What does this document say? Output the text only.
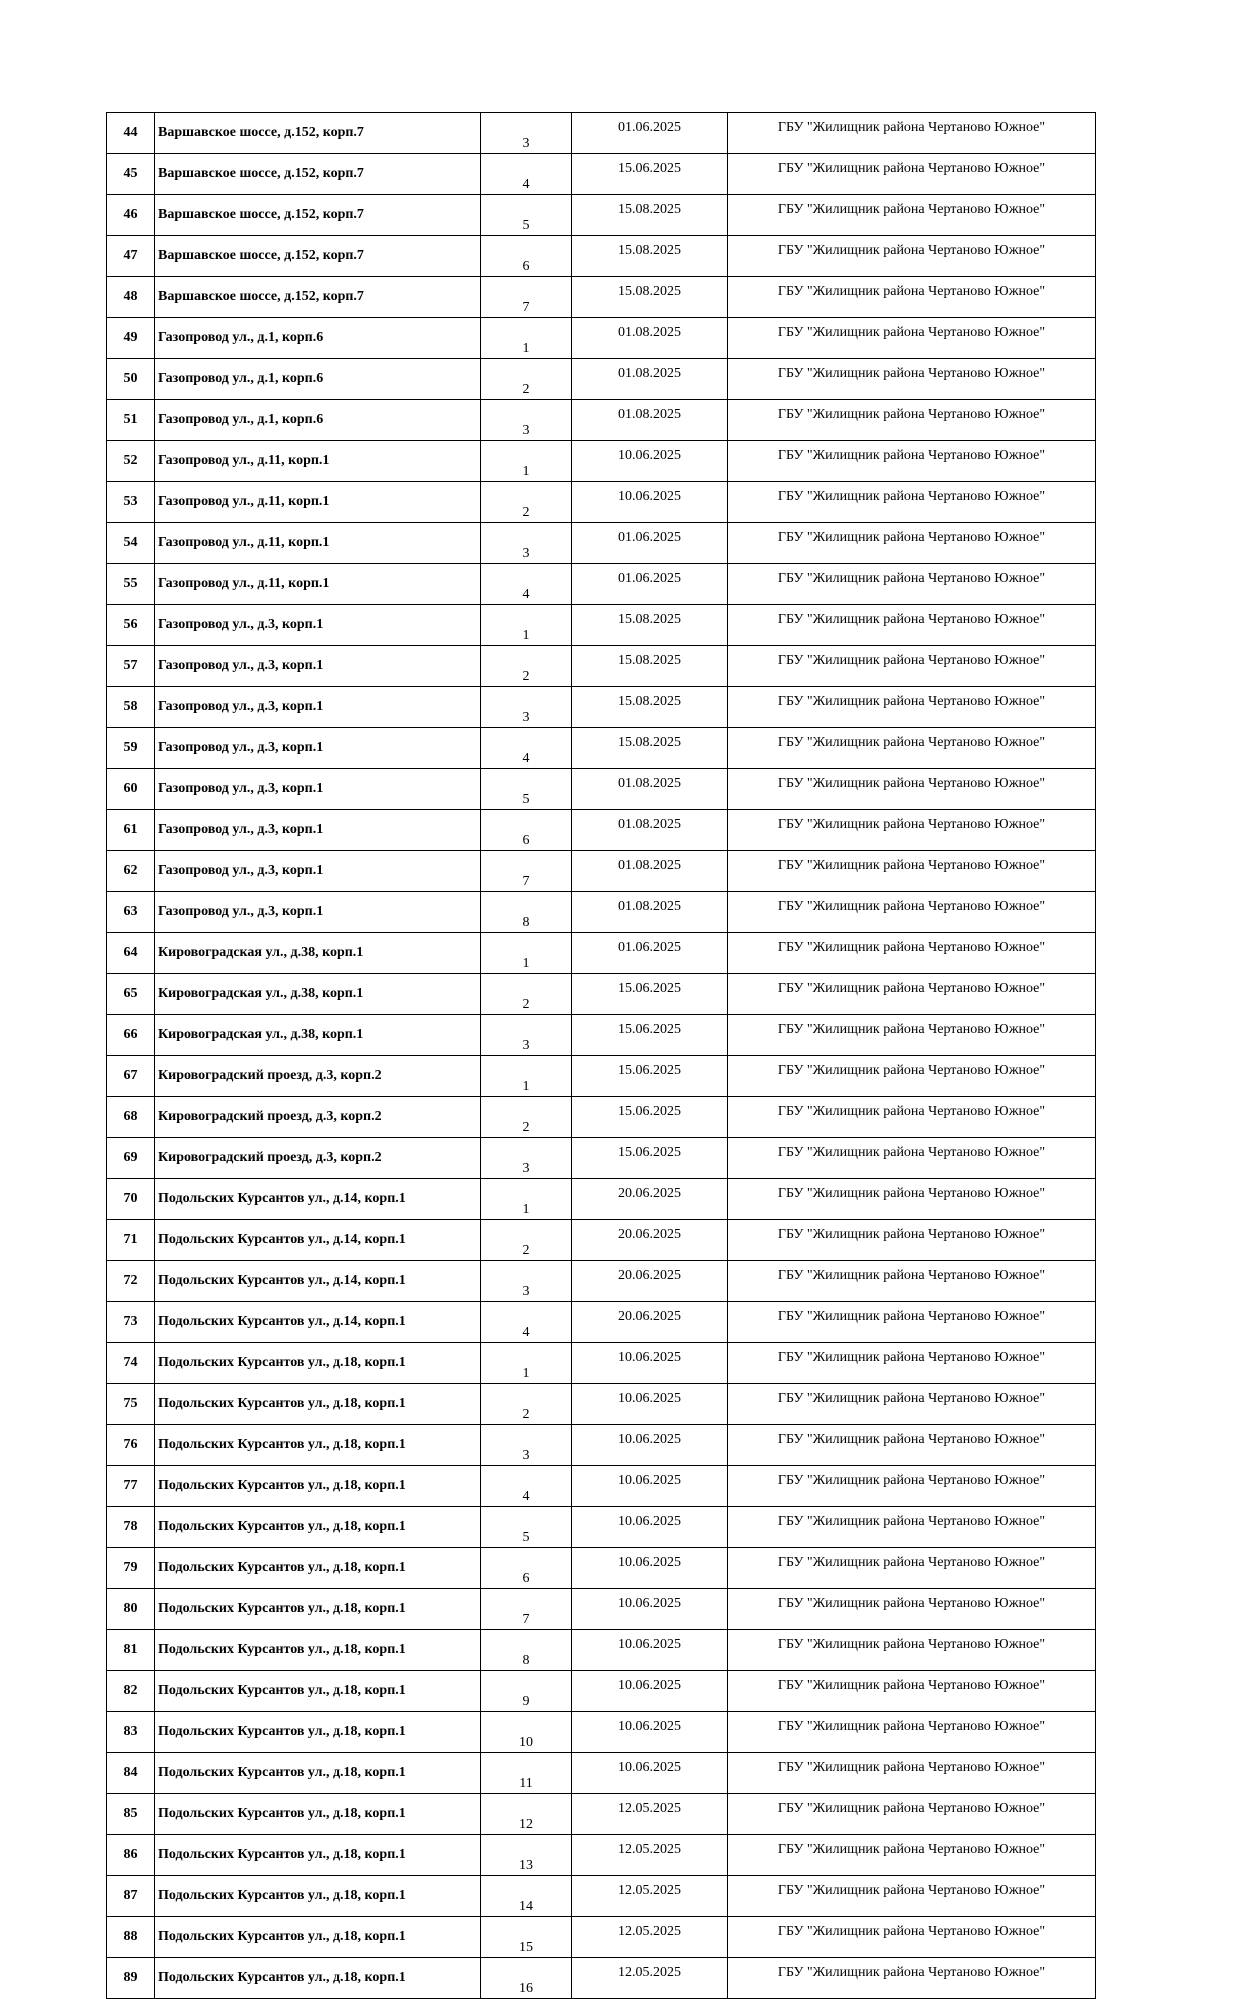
44	Варшавское шоссе, д.152, корп.7	3	01.06.2025	ГБУ "Жилищник района Чертаново Южное"
45	Варшавское шоссе, д.152, корп.7	4	15.06.2025	ГБУ "Жилищник района Чертаново Южное"
46	Варшавское шоссе, д.152, корп.7	5	15.08.2025	ГБУ "Жилищник района Чертаново Южное"
47	Варшавское шоссе, д.152, корп.7	6	15.08.2025	ГБУ "Жилищник района Чертаново Южное"
48	Варшавское шоссе, д.152, корп.7	7	15.08.2025	ГБУ "Жилищник района Чертаново Южное"
49	Газопровод ул., д.1, корп.6	1	01.08.2025	ГБУ "Жилищник района Чертаново Южное"
50	Газопровод ул., д.1, корп.6	2	01.08.2025	ГБУ "Жилищник района Чертаново Южное"
51	Газопровод ул., д.1, корп.6	3	01.08.2025	ГБУ "Жилищник района Чертаново Южное"
52	Газопровод ул., д.11, корп.1	1	10.06.2025	ГБУ "Жилищник района Чертаново Южное"
53	Газопровод ул., д.11, корп.1	2	10.06.2025	ГБУ "Жилищник района Чертаново Южное"
54	Газопровод ул., д.11, корп.1	3	01.06.2025	ГБУ "Жилищник района Чертаново Южное"
55	Газопровод ул., д.11, корп.1	4	01.06.2025	ГБУ "Жилищник района Чертаново Южное"
56	Газопровод ул., д.3, корп.1	1	15.08.2025	ГБУ "Жилищник района Чертаново Южное"
57	Газопровод ул., д.3, корп.1	2	15.08.2025	ГБУ "Жилищник района Чертаново Южное"
58	Газопровод ул., д.3, корп.1	3	15.08.2025	ГБУ "Жилищник района Чертаново Южное"
59	Газопровод ул., д.3, корп.1	4	15.08.2025	ГБУ "Жилищник района Чертаново Южное"
60	Газопровод ул., д.3, корп.1	5	01.08.2025	ГБУ "Жилищник района Чертаново Южное"
61	Газопровод ул., д.3, корп.1	6	01.08.2025	ГБУ "Жилищник района Чертаново Южное"
62	Газопровод ул., д.3, корп.1	7	01.08.2025	ГБУ "Жилищник района Чертаново Южное"
63	Газопровод ул., д.3, корп.1	8	01.08.2025	ГБУ "Жилищник района Чертаново Южное"
64	Кировоградская ул., д.38, корп.1	1	01.06.2025	ГБУ "Жилищник района Чертаново Южное"
65	Кировоградская ул., д.38, корп.1	2	15.06.2025	ГБУ "Жилищник района Чертаново Южное"
66	Кировоградская ул., д.38, корп.1	3	15.06.2025	ГБУ "Жилищник района Чертаново Южное"
67	Кировоградский проезд, д.3, корп.2	1	15.06.2025	ГБУ "Жилищник района Чертаново Южное"
68	Кировоградский проезд, д.3, корп.2	2	15.06.2025	ГБУ "Жилищник района Чертаново Южное"
69	Кировоградский проезд, д.3, корп.2	3	15.06.2025	ГБУ "Жилищник района Чертаново Южное"
70	Подольских Курсантов ул., д.14, корп.1	1	20.06.2025	ГБУ "Жилищник района Чертаново Южное"
71	Подольских Курсантов ул., д.14, корп.1	2	20.06.2025	ГБУ "Жилищник района Чертаново Южное"
72	Подольских Курсантов ул., д.14, корп.1	3	20.06.2025	ГБУ "Жилищник района Чертаново Южное"
73	Подольских Курсантов ул., д.14, корп.1	4	20.06.2025	ГБУ "Жилищник района Чертаново Южное"
74	Подольских Курсантов ул., д.18, корп.1	1	10.06.2025	ГБУ "Жилищник района Чертаново Южное"
75	Подольских Курсантов ул., д.18, корп.1	2	10.06.2025	ГБУ "Жилищник района Чертаново Южное"
76	Подольских Курсантов ул., д.18, корп.1	3	10.06.2025	ГБУ "Жилищник района Чертаново Южное"
77	Подольских Курсантов ул., д.18, корп.1	4	10.06.2025	ГБУ "Жилищник района Чертаново Южное"
78	Подольских Курсантов ул., д.18, корп.1	5	10.06.2025	ГБУ "Жилищник района Чертаново Южное"
79	Подольских Курсантов ул., д.18, корп.1	6	10.06.2025	ГБУ "Жилищник района Чертаново Южное"
80	Подольских Курсантов ул., д.18, корп.1	7	10.06.2025	ГБУ "Жилищник района Чертаново Южное"
81	Подольских Курсантов ул., д.18, корп.1	8	10.06.2025	ГБУ "Жилищник района Чертаново Южное"
82	Подольских Курсантов ул., д.18, корп.1	9	10.06.2025	ГБУ "Жилищник района Чертаново Южное"
83	Подольских Курсантов ул., д.18, корп.1	10	10.06.2025	ГБУ "Жилищник района Чертаново Южное"
84	Подольских Курсантов ул., д.18, корп.1	11	10.06.2025	ГБУ "Жилищник района Чертаново Южное"
85	Подольских Курсантов ул., д.18, корп.1	12	12.05.2025	ГБУ "Жилищник района Чертаново Южное"
86	Подольских Курсантов ул., д.18, корп.1	13	12.05.2025	ГБУ "Жилищник района Чертаново Южное"
87	Подольских Курсантов ул., д.18, корп.1	14	12.05.2025	ГБУ "Жилищник района Чертаново Южное"
88	Подольских Курсантов ул., д.18, корп.1	15	12.05.2025	ГБУ "Жилищник района Чертаново Южное"
89	Подольских Курсантов ул., д.18, корп.1	16	12.05.2025	ГБУ "Жилищник района Чертаново Южное"
